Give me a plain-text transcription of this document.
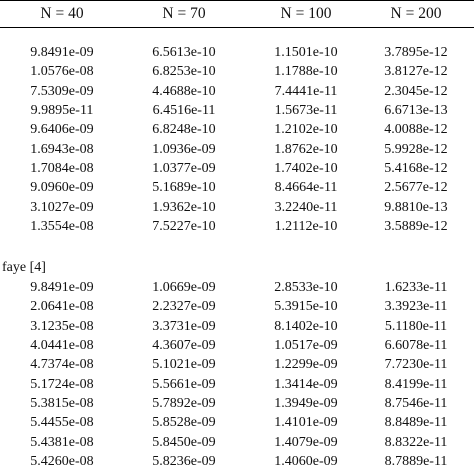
N = 40	N = 70	N = 100	N = 200
9.8491e-09	6.5613e-10	1.1501e-10	3.7895e-12
1.0576e-08	6.8253e-10	1.1788e-10	3.8127e-12
7.5309e-09	4.4688e-10	7.4441e-11	2.3045e-12
9.9895e-11	6.4516e-11	1.5673e-11	6.6713e-13
9.6406e-09	6.8248e-10	1.2102e-10	4.0088e-12
1.6943e-08	1.0936e-09	1.8762e-10	5.9928e-12
1.7084e-08	1.0377e-09	1.7402e-10	5.4168e-12
9.0960e-09	5.1689e-10	8.4664e-11	2.5677e-12
3.1027e-09	1.9362e-10	3.2240e-11	9.8810e-13
1.3554e-08	7.5227e-10	1.2112e-10	3.5889e-12
faye [4]
9.8491e-09	1.0669e-09	2.8533e-10	1.6233e-11
2.0641e-08	2.2327e-09	5.3915e-10	3.3923e-11
3.1235e-08	3.3731e-09	8.1402e-10	5.1180e-11
4.0441e-08	4.3607e-09	1.0517e-09	6.6078e-11
4.7374e-08	5.1021e-09	1.2299e-09	7.7230e-11
5.1724e-08	5.5661e-09	1.3414e-09	8.4199e-11
5.3815e-08	5.7892e-09	1.3949e-09	8.7546e-11
5.4455e-08	5.8528e-09	1.4101e-09	8.8489e-11
5.4381e-08	5.8450e-09	1.4079e-09	8.8322e-11
5.4260e-08	5.8236e-09	1.4060e-09	8.7889e-11
